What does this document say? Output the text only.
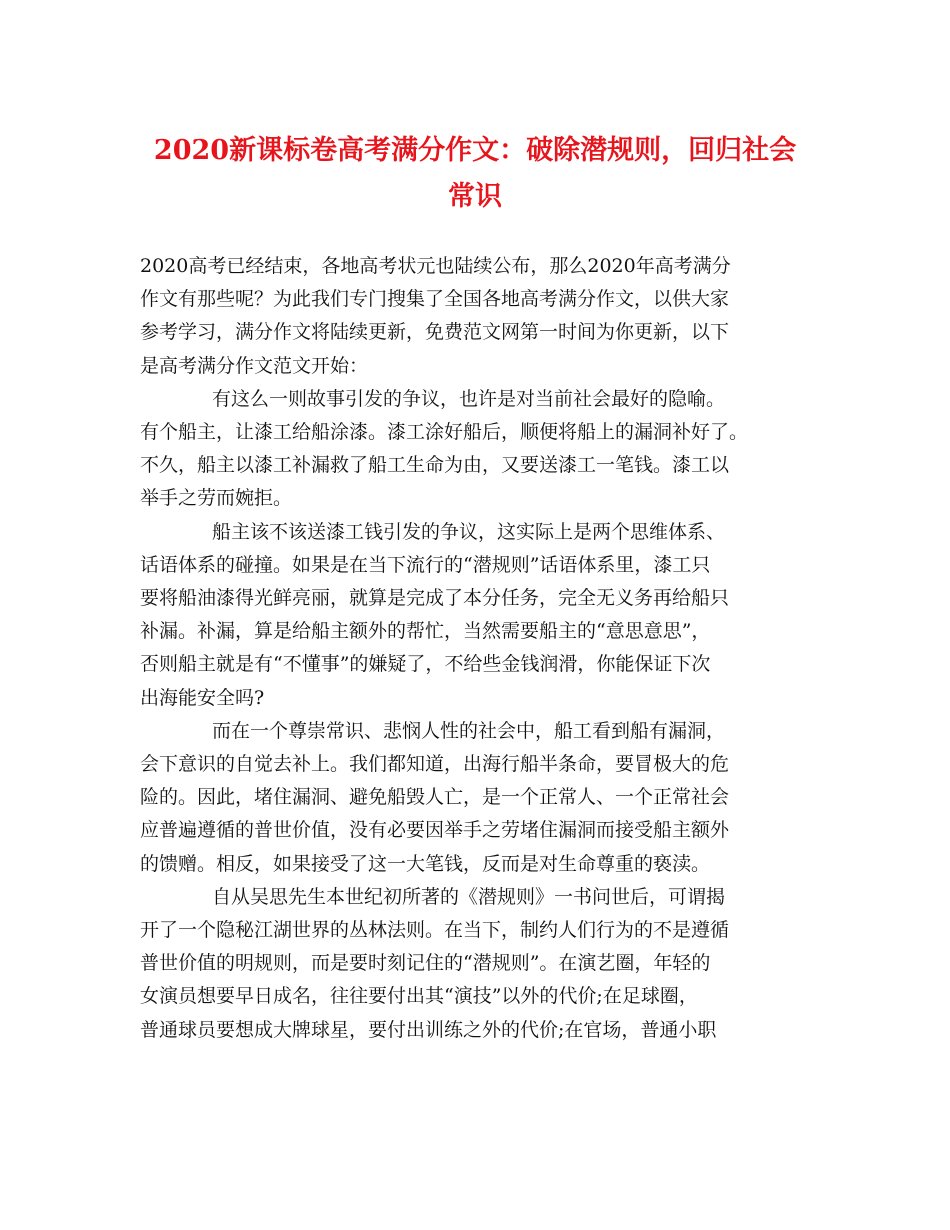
2020新课标卷高考满分作文：破除潜规则，回归社会
常识
2020高考已经结束，各地高考状元也陆续公布，那么2020年高考满分
作文有那些呢？为此我们专门搜集了全国各地高考满分作文，以供大家
参考学习，满分作文将陆续更新，免费范文网第一时间为你更新，以下
是高考满分作文范文开始：
有这么一则故事引发的争议，也许是对当前社会最好的隐喻。
有个船主，让漆工给船涂漆。漆工涂好船后，顺便将船上的漏洞补好了。
不久，船主以漆工补漏救了船工生命为由，又要送漆工一笔钱。漆工以
举手之劳而婉拒。
船主该不该送漆工钱引发的争议，这实际上是两个思维体系、
话语体系的碰撞。如果是在当下流行的“潜规则”话语体系里，漆工只
要将船油漆得光鲜亮丽，就算是完成了本分任务，完全无义务再给船只
补漏。补漏，算是给船主额外的帮忙，当然需要船主的“意思意思”，
否则船主就是有“不懂事”的嫌疑了，不给些金钱润滑，你能保证下次
出海能安全吗?
而在一个尊崇常识、悲悯人性的社会中，船工看到船有漏洞，
会下意识的自觉去补上。我们都知道，出海行船半条命，要冒极大的危
险的。因此，堵住漏洞、避免船毁人亡，是一个正常人、一个正常社会
应普遍遵循的普世价值，没有必要因举手之劳堵住漏洞而接受船主额外
的馈赠。相反，如果接受了这一大笔钱，反而是对生命尊重的亵渎。
自从吴思先生本世纪初所著的《潜规则》一书问世后，可谓揭
开了一个隐秘江湖世界的丛林法则。在当下，制约人们行为的不是遵循
普世价值的明规则，而是要时刻记住的“潜规则”。在演艺圈，年轻的
女演员想要早日成名，往往要付出其“演技”以外的代价;在足球圈，
普通球员要想成大牌球星，要付出训练之外的代价;在官场，普通小职
